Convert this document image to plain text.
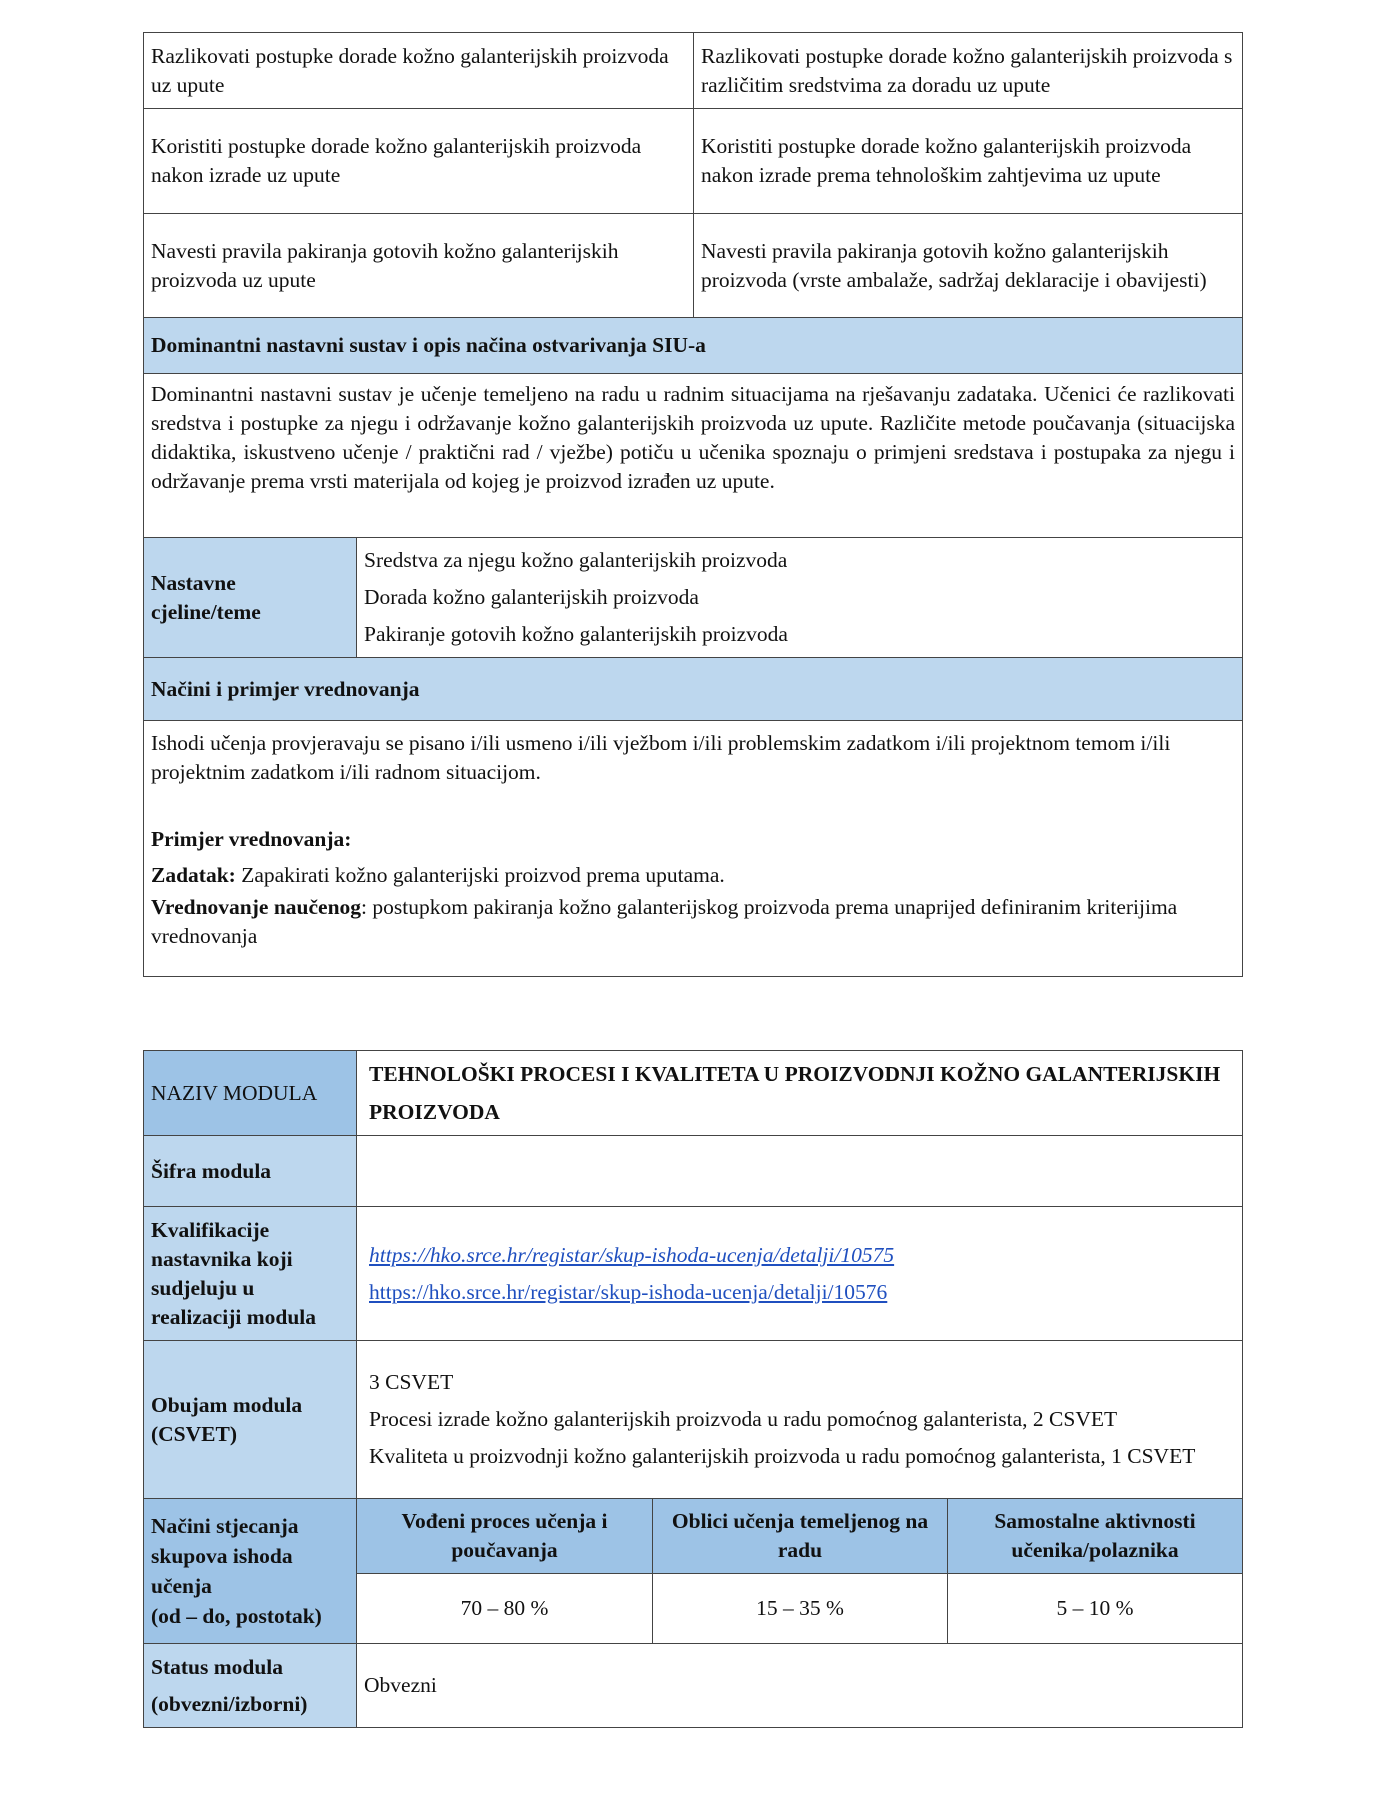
Razlikovati postupke dorade kožno galanterijskih proizvoda uz upute		Razlikovati postupke dorade kožno galanterijskih proizvoda s različitim sredstvima za doradu uz upute
Koristiti postupke dorade kožno galanterijskih proizvoda nakon izrade uz upute		Koristiti postupke dorade kožno galanterijskih proizvoda nakon izrade prema tehnološkim zahtjevima uz upute
Navesti pravila pakiranja gotovih kožno galanterijskih proizvoda uz upute		Navesti pravila pakiranja gotovih kožno galanterijskih proizvoda (vrste ambalaže, sadržaj deklaracije i obavijesti)
Dominantni nastavni sustav i opis načina ostvarivanja SIU-a		
Dominantni nastavni sustav je učenje temeljeno na radu u radnim situacijama na rješavanju zadataka. Učenici će razlikovati sredstva i postupke za njegu i održavanje kožno galanterijskih proizvoda uz upute. Različite metode poučavanja (situacijska didaktika, iskustveno učenje / praktični rad / vježbe) potiču u učenika spoznaju o primjeni sredstava i postupaka za njegu i održavanje prema vrsti materijala od kojeg je proizvod izrađen uz upute.		
Nastavne cjeline/teme	Sredstva za njegu kožno galanterijskih proizvoda
Dorada kožno galanterijskih proizvoda
Pakiranje gotovih kožno galanterijskih proizvoda	

Načini i primjer vrednovanja		

Ishodi učenja provjeravaju se pisano i/ili usmeno i/ili vježbom i/ili problemskim zadatkom i/ili projektnom temom i/ili projektnim zadatkom i/ili radnom situacijom.
Primjer vrednovanja:
Zadatak: Zapakirati kožno galanterijski proizvod prema uputama.
Vrednovanje naučenog: postupkom pakiranja kožno galanterijskog proizvoda prema unaprijed definiranim kriterijima vrednovanja		
NAZIV MODULA	TEHNOLOŠKI PROCESI I KVALITETA U PROIZVODNJI KOŽNO GALANTERIJSKIH PROIZVODA		
Šifra modula			
Kvalifikacije nastavnika koji sudjeluju u realizaciji modula	https://hko.srce.hr/registar/skup-ishoda-ucenja/detalji/10575
https://hko.srce.hr/registar/skup-ishoda-ucenja/detalji/10576		

Obujam modula (CSVET)	3 CSVET
Procesi izrade kožno galanterijskih proizvoda u radu pomoćnog galanterista, 2 CSVET
Kvaliteta u proizvodnji kožno galanterijskih proizvoda u radu pomoćnog galanterista, 1 CSVET		

Načini stjecanja skupova ishoda učenja
(od – do, postotak)	Vođeni proces učenja i poučavanja	Oblici učenja temeljenog na radu	Samostalne aktivnosti učenika/polaznika
	70 – 80 %	15 – 35 %	5 – 10 %
Status modula (obvezni/izborni)	Obvezni		
